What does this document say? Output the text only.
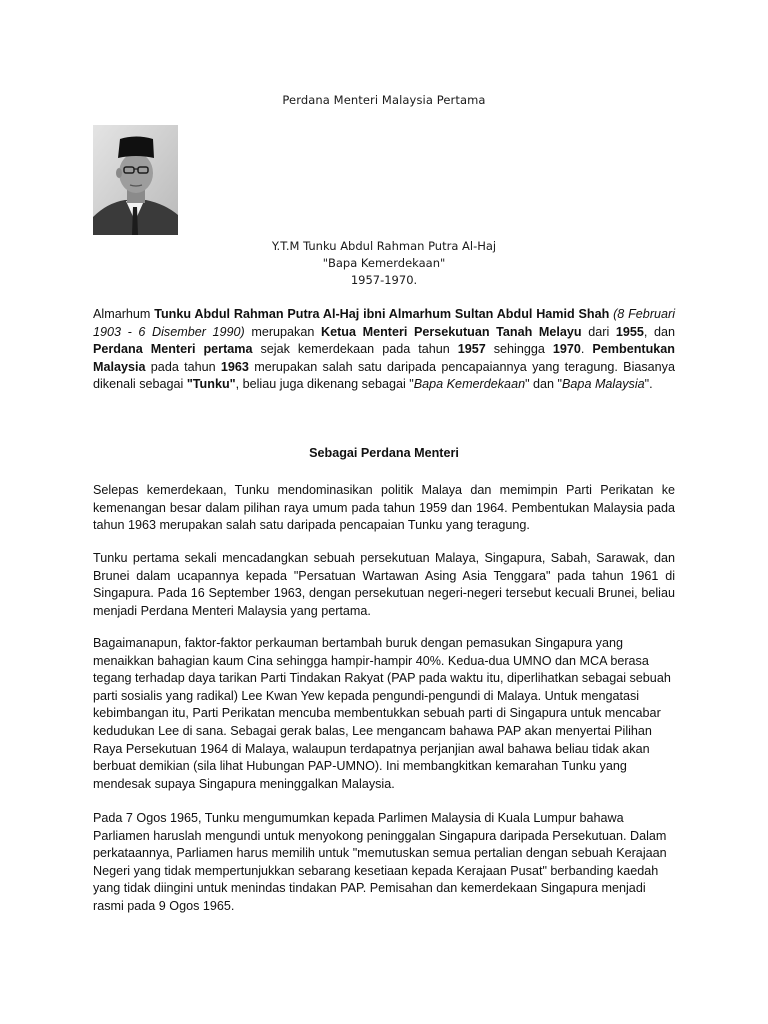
Perdana Menteri Malaysia Pertama
Y.T.M Tunku Abdul Rahman Putra Al-Haj
"Bapa Kemerdekaan"
1957-1970.

Almarhum Tunku Abdul Rahman Putra Al-Haj ibni Almarhum Sultan Abdul Hamid Shah (8 Februari 1903 - 6 Disember 1990) merupakan Ketua Menteri Persekutuan Tanah Melayu dari 1955, dan Perdana Menteri pertama sejak kemerdekaan pada tahun 1957 sehingga 1970. Pembentukan Malaysia pada tahun 1963 merupakan salah satu daripada pencapaiannya yang teragung. Biasanya dikenali sebagai "Tunku", beliau juga dikenang sebagai "Bapa Kemerdekaan" dan "Bapa Malaysia".

Sebagai Perdana Menteri

Selepas kemerdekaan, Tunku mendominasikan politik Malaya dan memimpin Parti Perikatan ke kemenangan besar dalam pilihan raya umum pada tahun 1959 dan 1964. Pembentukan Malaysia pada tahun 1963 merupakan salah satu daripada pencapaian Tunku yang teragung.

Tunku pertama sekali mencadangkan sebuah persekutuan Malaya, Singapura, Sabah, Sarawak, dan Brunei dalam ucapannya kepada "Persatuan Wartawan Asing Asia Tenggara" pada tahun 1961 di Singapura. Pada 16 September 1963, dengan persekutuan negeri-negeri tersebut kecuali Brunei, beliau menjadi Perdana Menteri Malaysia yang pertama.

Bagaimanapun, faktor-faktor perkauman bertambah buruk dengan pemasukan Singapura yang menaikkan bahagian kaum Cina sehingga hampir-hampir 40%. Kedua-dua UMNO dan MCA berasa tegang terhadap daya tarikan Parti Tindakan Rakyat (PAP pada waktu itu, diperlihatkan sebagai sebuah parti sosialis yang radikal) Lee Kwan Yew kepada pengundi-pengundi di Malaya. Untuk mengatasi kebimbangan itu, Parti Perikatan mencuba membentukkan sebuah parti di Singapura untuk mencabar kedudukan Lee di sana. Sebagai gerak balas, Lee mengancam bahawa PAP akan menyertai Pilihan Raya Persekutuan 1964 di Malaya, walaupun terdapatnya perjanjian awal bahawa beliau tidak akan berbuat demikian (sila lihat Hubungan PAP-UMNO). Ini membangkitkan kemarahan Tunku yang mendesak supaya Singapura meninggalkan Malaysia.

Pada 7 Ogos 1965, Tunku mengumumkan kepada Parlimen Malaysia di Kuala Lumpur bahawa Parliamen haruslah mengundi untuk menyokong peninggalan Singapura daripada Persekutuan. Dalam perkataannya, Parliamen harus memilih untuk "memutuskan semua pertalian dengan sebuah Kerajaan Negeri yang tidak mempertunjukkan sebarang kesetiaan kepada Kerajaan Pusat" berbanding kaedah yang tidak diingini untuk menindas tindakan PAP. Pemisahan dan kemerdekaan Singapura menjadi rasmi pada 9 Ogos 1965.
